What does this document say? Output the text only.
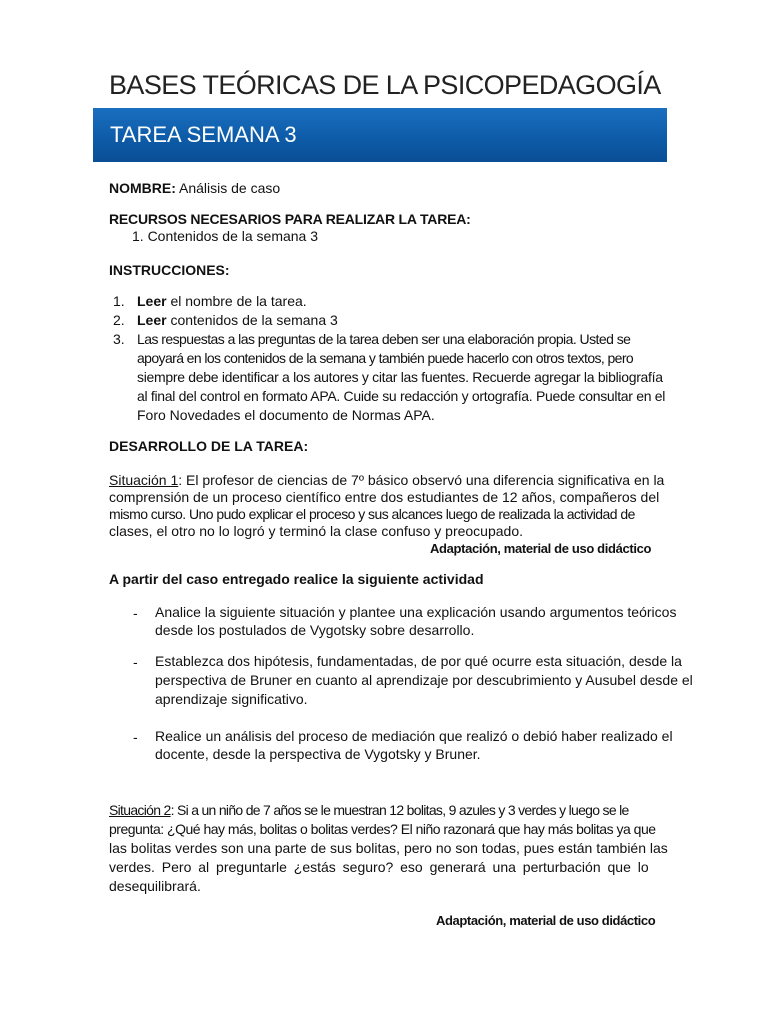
BASES TEÓRICAS DE LA PSICOPEDAGOGÍA
TAREA SEMANA 3
NOMBRE: Análisis de caso
RECURSOS NECESARIOS PARA REALIZAR LA TAREA:
1. Contenidos de la semana 3
INSTRUCCIONES:
1. Leer el nombre de la tarea.
2. Leer contenidos de la semana 3
3. Las respuestas a las preguntas de la tarea deben ser una elaboración propia. Usted se
apoyará en los contenidos de la semana y también puede hacerlo con otros textos, pero
siempre debe identificar a los autores y citar las fuentes. Recuerde agregar la bibliografía
al final del control en formato APA. Cuide su redacción y ortografía. Puede consultar en el
Foro Novedades el documento de Normas APA.
DESARROLLO DE LA TAREA:
Situación 1: El profesor de ciencias de 7º básico observó una diferencia significativa en la
comprensión de un proceso científico entre dos estudiantes de 12 años, compañeros del
mismo curso. Uno pudo explicar el proceso y sus alcances luego de realizada la actividad de
clases, el otro no lo logró y terminó la clase confuso y preocupado.
Adaptación, material de uso didáctico
A partir del caso entregado realice la siguiente actividad
- Analice la siguiente situación y plantee una explicación usando argumentos teóricos
desde los postulados de Vygotsky sobre desarrollo.
- Establezca dos hipótesis, fundamentadas, de por qué ocurre esta situación, desde la
perspectiva de Bruner en cuanto al aprendizaje por descubrimiento y Ausubel desde el
aprendizaje significativo.
- Realice un análisis del proceso de mediación que realizó o debió haber realizado el
docente, desde la perspectiva de Vygotsky y Bruner.
Situación 2: Si a un niño de 7 años se le muestran 12 bolitas, 9 azules y 3 verdes y luego se le
pregunta: ¿Qué hay más, bolitas o bolitas verdes? El niño razonará que hay más bolitas ya que
las bolitas verdes son una parte de sus bolitas, pero no son todas, pues están también las
verdes. Pero al preguntarle ¿estás seguro? eso generará una perturbación que lo
desequilibrará.
Adaptación, material de uso didáctico
